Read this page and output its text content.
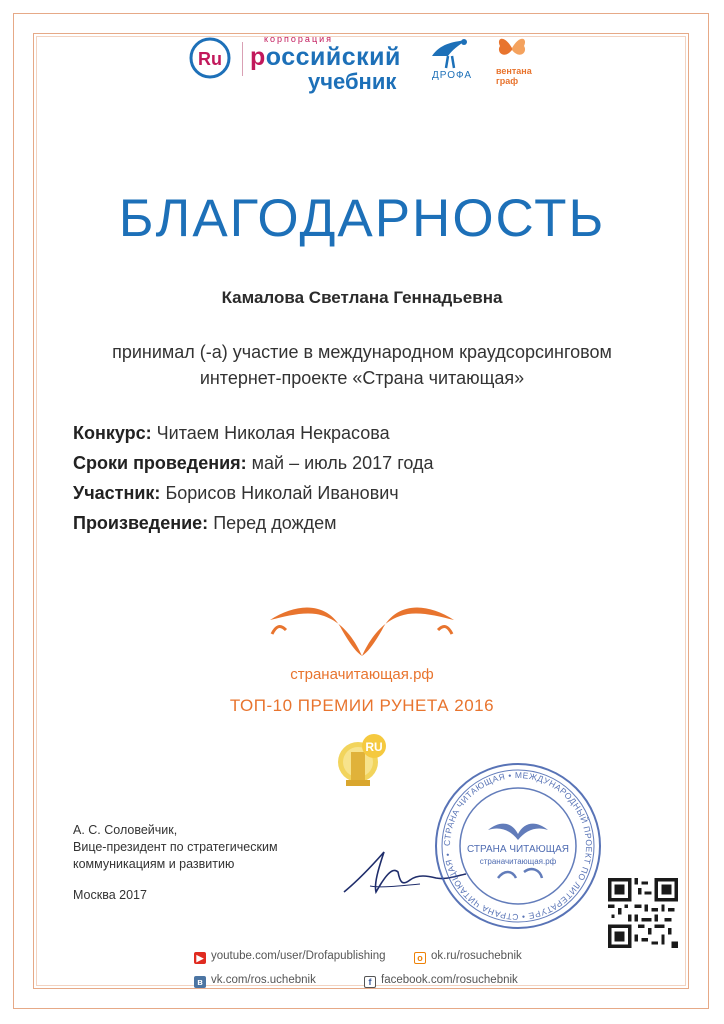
Ru
корпорация
российский
учебник	ДРОФА	вентана
граф
БЛАГОДАРНОСТЬ
Камалова Светлана Геннадьевна
принимал (-а) участие в международном краудсорсинговом
интернет-проекте «Страна читающая»
Конкурс: Читаем Николая Некрасова
Сроки проведения: май – июль 2017 года
Участник: Борисов Николай Иванович
Произведение: Перед дождем
страначитающая.рф
ТОП-10 ПРЕМИИ РУНЕТА 2016
RU
А. С. Соловейчик,
Вице-президент по стратегическим
коммуникациям и развитию
Москва 2017
СТРАНА ЧИТАЮЩАЯ • МЕЖДУНАРОДНЫЙ ПРОЕКТ ПО ЛИТЕРАТУРЕ • СТРАНА ЧИТАЮЩАЯ •	СТРАНА ЧИТАЮЩАЯ
страначитающая.рф
▶ youtube.com/user/Drofapublishing	о ok.ru/rosuchebnik
в vk.com/ros.uchebnik	f facebook.com/rosuchebnik
